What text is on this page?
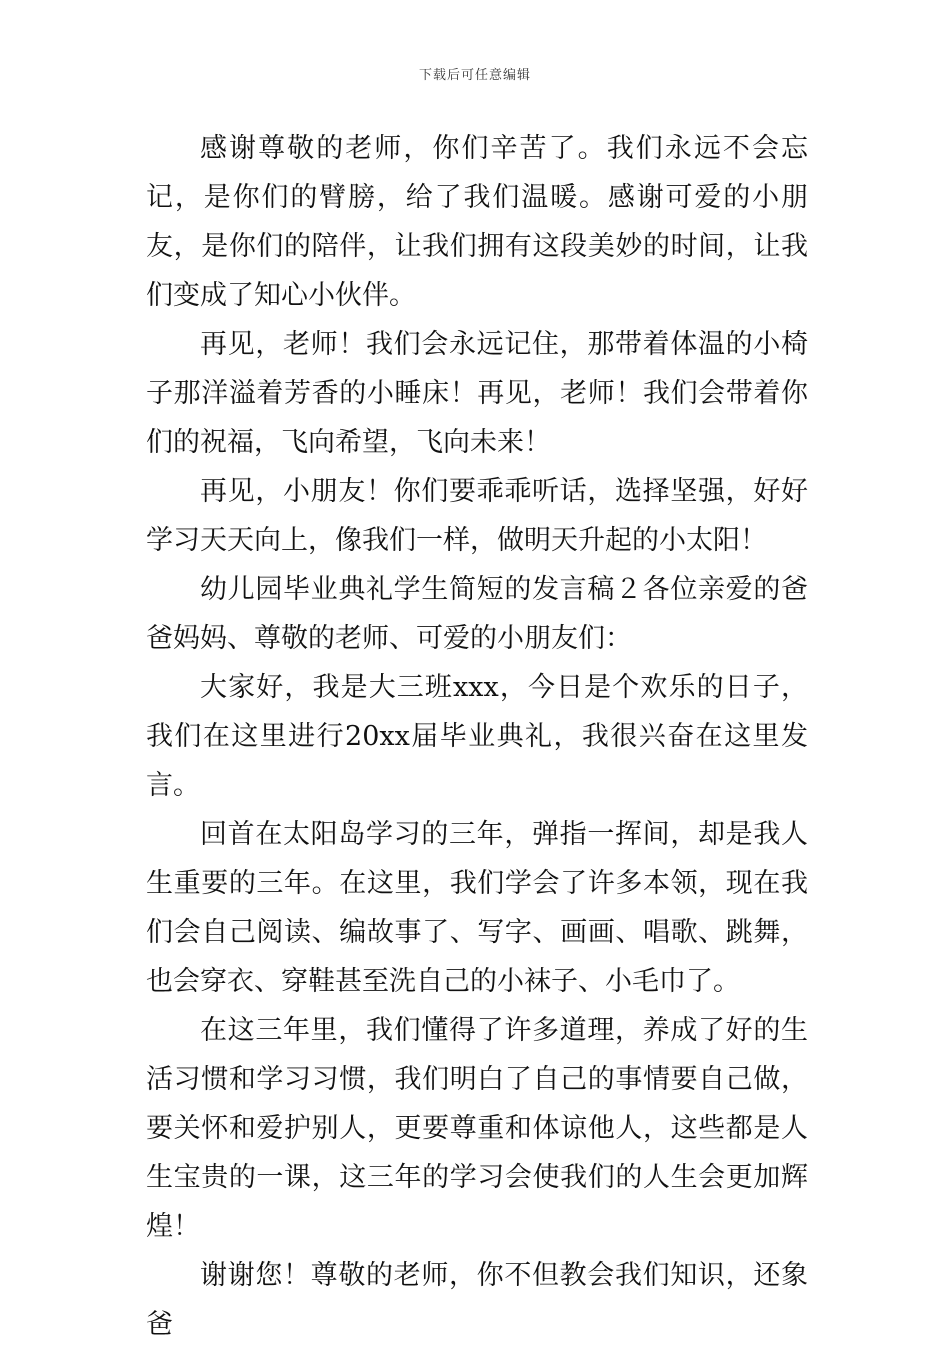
下载后可任意编辑

感谢尊敬的老师，你们辛苦了。我们永远不会忘记，是你们的臂膀，给了我们温暖。感谢可爱的小朋友，是你们的陪伴，让我们拥有这段美妙的时间，让我们变成了知心小伙伴。

再见，老师！我们会永远记住，那带着体温的小椅子那洋溢着芳香的小睡床！再见，老师！我们会带着你们的祝福，飞向希望，飞向未来！

再见，小朋友！你们要乖乖听话，选择坚强，好好学习天天向上，像我们一样，做明天升起的小太阳！

幼儿园毕业典礼学生简短的发言稿２各位亲爱的爸爸妈妈、尊敬的老师、可爱的小朋友们：

大家好，我是大三班xxx，今日是个欢乐的日子，我们在这里进行20xx届毕业典礼，我很兴奋在这里发言。

回首在太阳岛学习的三年，弹指一挥间，却是我人生重要的三年。在这里，我们学会了许多本领，现在我们会自己阅读、编故事了、写字、画画、唱歌、跳舞，也会穿衣、穿鞋甚至洗自己的小袜子、小毛巾了。

在这三年里，我们懂得了许多道理，养成了好的生活习惯和学习习惯，我们明白了自己的事情要自己做，要关怀和爱护别人，更要尊重和体谅他人，这些都是人生宝贵的一课，这三年的学习会使我们的人生会更加辉煌！

谢谢您！尊敬的老师，你不但教会我们知识，还象爸
